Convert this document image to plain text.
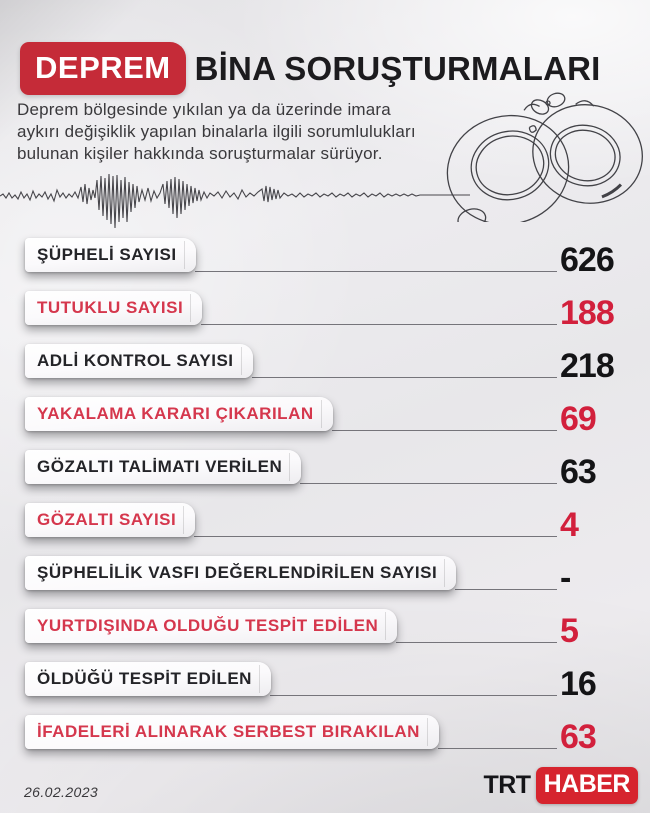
DEPREM BİNA SORUŞTURMALARI

Deprem bölgesinde yıkılan ya da üzerinde imara aykırı değişiklik yapılan binalarla ilgili sorumlulukları bulunan kişiler hakkında soruşturmalar sürüyor.

ŞÜPHELİ SAYISI	626
TUTUKLU SAYISI	188
ADLİ KONTROL SAYISI	218
YAKALAMA KARARI ÇIKARILAN	69
GÖZALTI TALİMATI VERİLEN	63
GÖZALTI SAYISI	4
ŞÜPHELİLİK VASFI DEĞERLENDİRİLEN SAYISI	-
YURTDIŞINDA OLDUĞU TESPİT EDİLEN	5
ÖLDÜĞÜ TESPİT EDİLEN	16
İFADELERİ ALINARAK SERBEST BIRAKILAN	63
26.02.2023	TRT HABER
